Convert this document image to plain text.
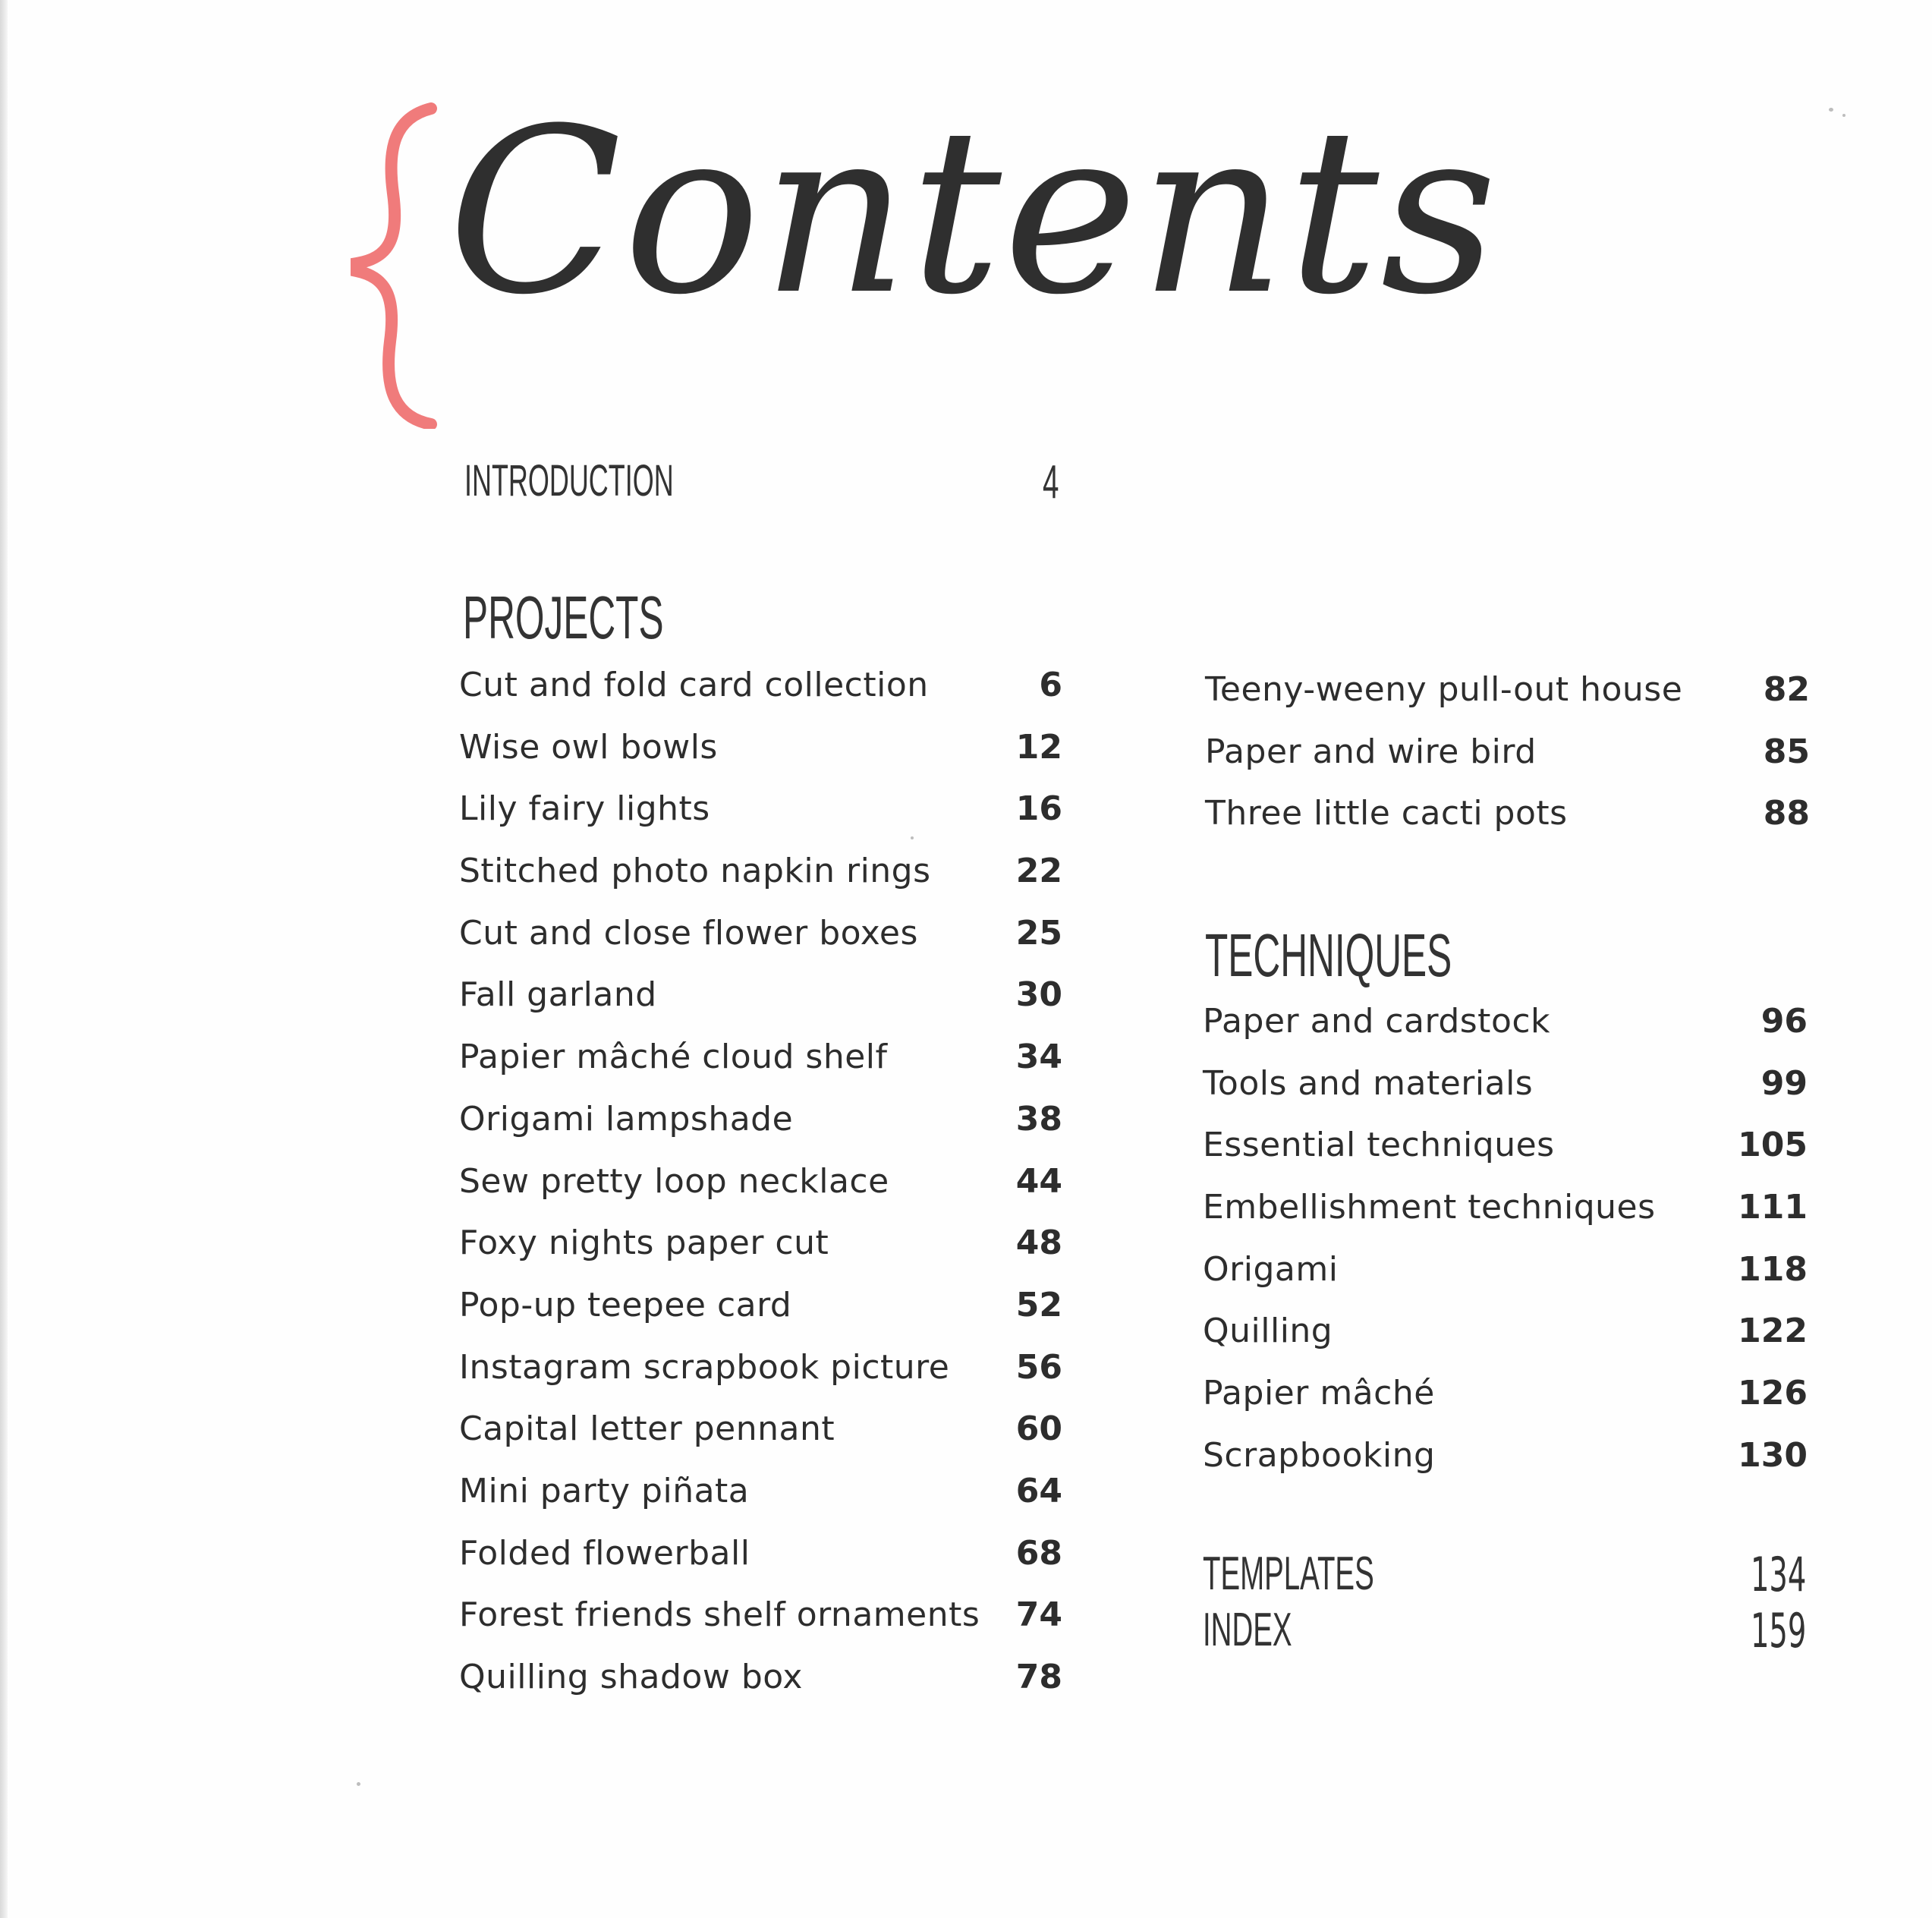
Contents
INTRODUCTION	4
PROJECTS
Cut and fold card collection	6
Wise owl bowls	12
Lily fairy lights	16
Stitched photo napkin rings	22
Cut and close flower boxes	25
Fall garland	30
Papier mâché cloud shelf	34
Origami lampshade	38
Sew pretty loop necklace	44
Foxy nights paper cut	48
Pop-up teepee card	52
Instagram scrapbook picture 56
Capital letter pennant	60
Mini party piñata	64
Folded flowerball	68
Forest friends shelf ornaments 74
Quilling shadow box	78
Teeny-weeny pull-out house 82
Paper and wire bird	85
Three little cacti pots	88
TECHNIQUES
Paper and cardstock	96
Tools and materials	99
Essential techniques	105
Embellishment techniques 111
Origami	118
Quilling	122
Papier mâché	126
Scrapbooking	130
TEMPLATES	134
INDEX	159
